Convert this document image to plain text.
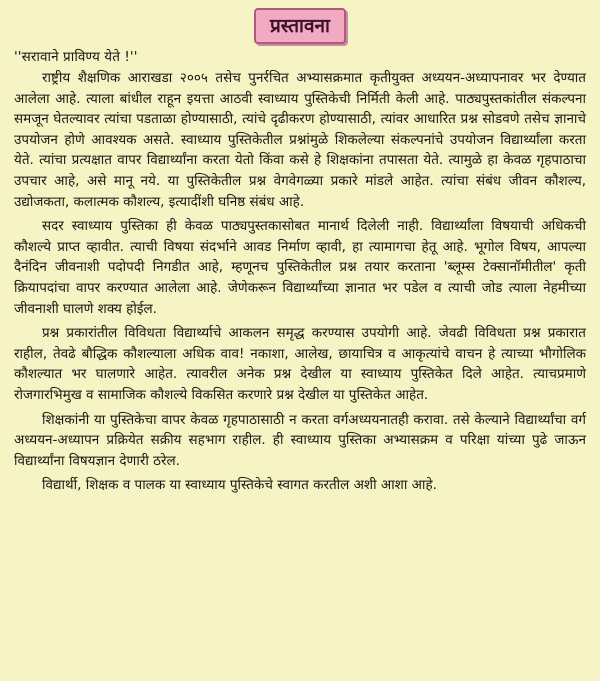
प्रस्तावना
''सरावाने प्राविण्य येते !''

राष्ट्रीय शैक्षणिक आराखडा २००५ तसेच पुनर्रचित अभ्यासक्रमात कृतीयुक्त अध्ययन-अध्यापनावर भर देण्यात आलेला आहे. त्याला बांधील राहून इयत्ता आठवी स्वाध्याय पुस्तिकेची निर्मिती केली आहे. पाठ्यपुस्तकांतील संकल्पना समजून घेतल्यावर त्यांचा पडताळा होण्यासाठी, त्यांचे दृढीकरण होण्यासाठी, त्यांवर आधारित प्रश्न सोडवणे तसेच ज्ञानाचे उपयोजन होणे आवश्यक असते. स्वाध्याय पुस्तिकेतील प्रश्नांमुळे शिकलेल्या संकल्पनांचे उपयोजन विद्यार्थ्यांला करता येते. त्यांचा प्रत्यक्षात वापर विद्यार्थ्यांना करता येतो किंवा कसे हे शिक्षकांना तपासता येते. त्यामुळे हा केवळ गृहपाठाचा उपचार आहे, असे मानू नये. या पुस्तिकेतील प्रश्न वेगवेगळ्या प्रकारे मांडले आहेत. त्यांचा संबंध जीवन कौशल्य, उद्योजकता, कलात्मक कौशल्य, इत्यादींशी घनिष्ठ संबंध आहे.

सदर स्वाध्याय पुस्तिका ही केवळ पाठ्यपुस्तकासोबत मानार्थ दिलेली नाही. विद्यार्थ्यांला विषयाची अधिकची कौशल्ये प्राप्त व्हावीत. त्याची विषया संदर्भाने आवड निर्माण व्हावी, हा त्यामागचा हेतू आहे. भूगोल विषय, आपल्या दैनंदिन जीवनाशी पदोपदी निगडीत आहे, म्हणूनच पुस्तिकेतील प्रश्न तयार करताना 'ब्लूम्स टेक्सानॉमीतील' कृती क्रियापदांचा वापर करण्यात आलेला आहे. जेणेकरून विद्यार्थ्यांच्या ज्ञानात भर पडेल व त्याची जोड त्याला नेहमीच्या जीवनाशी घालणे शक्य होईल.

प्रश्न प्रकारांतील विविधता विद्यार्थ्याचे आकलन समृद्ध करण्यास उपयोगी आहे. जेवढी विविधता प्रश्न प्रकारात राहील, तेवढे बौद्धिक कौशल्याला अधिक वाव! नकाशा, आलेख, छायाचित्र व आकृत्यांचे वाचन हे त्याच्या भौगोलिक कौशल्यात भर घालणारे आहेत. त्यावरील अनेक प्रश्न देखील या स्वाध्याय पुस्तिकेत दिले आहेत. त्याचप्रमाणे रोजगारभिमुख व सामाजिक कौशल्ये विकसित करणारे प्रश्न देखील या पुस्तिकेत आहेत.

शिक्षकांनी या पुस्तिकेचा वापर केवळ गृहपाठासाठी न करता वर्गअध्ययनातही करावा. तसे केल्याने विद्यार्थ्यांचा वर्ग अध्ययन-अध्यापन प्रक्रियेत सक्रीय सहभाग राहील. ही स्वाध्याय पुस्तिका अभ्यासक्रम व परिक्षा यांच्या पुढे जाऊन विद्यार्थ्यांना विषयज्ञान देणारी ठरेल.

विद्यार्थी, शिक्षक व पालक या स्वाध्याय पुस्तिकेचे स्वागत करतील अशी आशा आहे.
